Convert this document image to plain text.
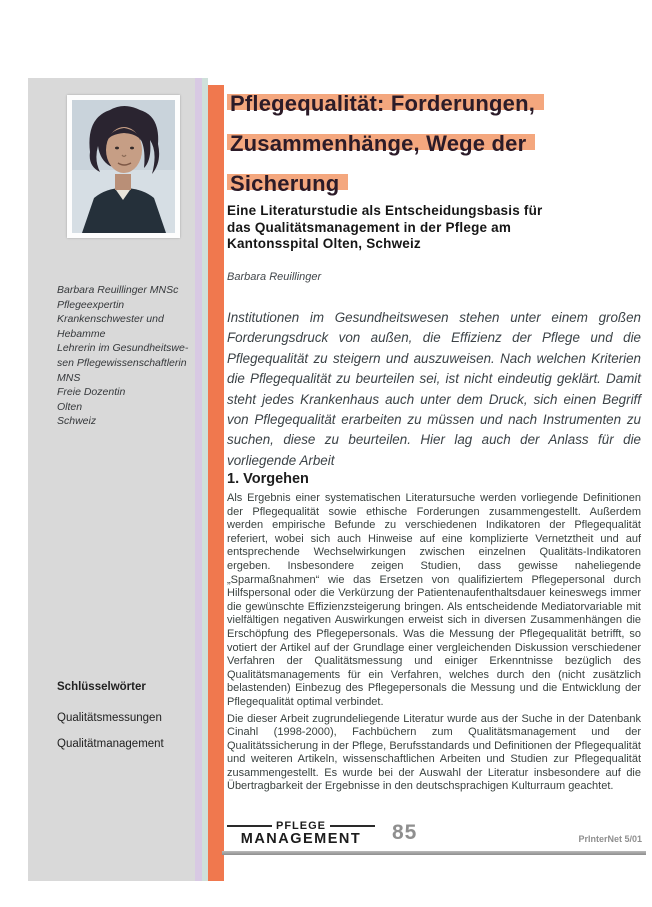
Barbara Reuillinger MNSc
Pflegeexpertin
Krankenschwester und
Hebamme
Lehrerin im Gesundheitswe-
sen Pflegewissenschaftlerin
MNS
Freie Dozentin
Olten
Schweiz
Schlüsselwörter
Qualitätsmessungen
Qualitätmanagement
Pflegequalität: Forderungen,
Zusammenhänge, Wege der
Sicherung
Eine Literaturstudie als Entscheidungsbasis für
das Qualitätsmanagement in der Pflege am
Kantonsspital Olten, Schweiz
Barbara Reuillinger
Institutionen im Gesundheitswesen stehen unter einem großen Forderungsdruck von außen, die Effizienz der Pflege und die Pflegequalität zu steigern und auszuweisen. Nach welchen Kriterien die Pflegequalität zu beurteilen sei, ist nicht eindeutig geklärt. Damit steht jedes Krankenhaus auch unter dem Druck, sich einen Begriff von Pflegequalität erarbeiten zu müssen und nach Instrumenten zu suchen, diese zu beurteilen. Hier lag auch der Anlass für die vorliegende Arbeit
1. Vorgehen

Als Ergebnis einer systematischen Literatursuche werden vorliegende Definitionen der Pflegequalität sowie ethische Forderungen zusammengestellt. Außerdem werden empirische Befunde zu verschiedenen Indikatoren der Pflegequalität referiert, wobei sich auch Hinweise auf eine komplizierte Vernetztheit und auf entsprechende Wechselwirkungen zwischen einzelnen Qualitäts-Indikatoren ergeben. Insbesondere zeigen Studien, dass gewisse naheliegende „Sparmaßnahmen“ wie das Ersetzen von qualifiziertem Pflegepersonal durch Hilfspersonal oder die Verkürzung der Patientenaufenthaltsdauer keineswegs immer die gewünschte Effizienzsteigerung bringen. Als entscheidende Mediatorvariable mit vielfältigen negativen Auswirkungen erweist sich in diversen Zusammenhängen die Erschöpfung des Pflegepersonals. Was die Messung der Pflegequalität betrifft, so votiert der Artikel auf der Grundlage einer vergleichenden Diskussion verschiedener Verfahren der Qualitätsmessung und einiger Erkenntnisse bezüglich des Qualitätsmanagements für ein Verfahren, welches durch den (nicht zusätzlich belastenden) Einbezug des Pflegepersonals die Messung und die Entwicklung der Pflegequalität optimal verbindet.

Die dieser Arbeit zugrundeliegende Literatur wurde aus der Suche in der Datenbank Cinahl (1998-2000), Fachbüchern zum Qualitätsmanagement und der Qualitätssicherung in der Pflege, Berufsstandards und Definitionen der Pflegequalität und weiteren Artikeln, wissenschaftlichen Arbeiten und Studien zur Pflegequalität zusammengestellt. Es wurde bei der Auswahl der Literatur insbesondere auf die Übertragbarkeit der Ergebnisse in den deutschsprachigen Kulturraum geachtet.

PFLEGE
MANAGEMENT	85	PrInterNet 5/01
